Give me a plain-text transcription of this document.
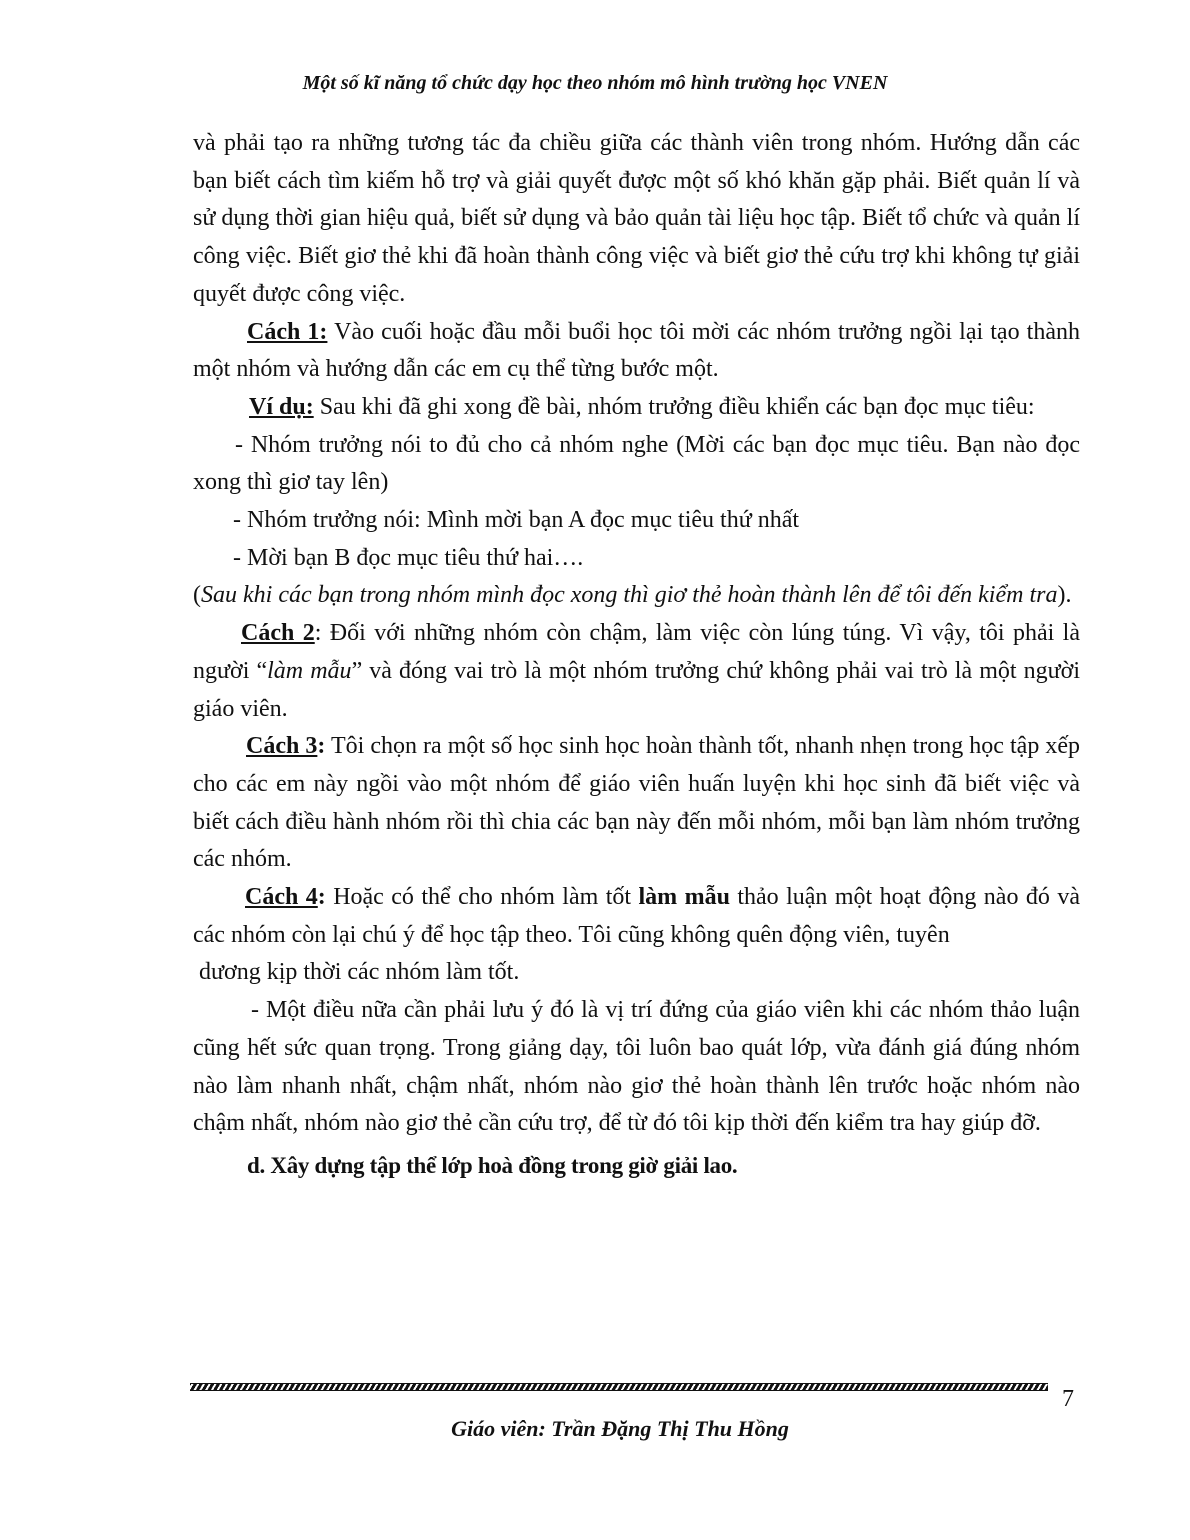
Một số kĩ năng tổ chức dạy học theo nhóm mô hình trường học VNEN

và phải tạo ra những tương tác đa chiều giữa các thành viên trong nhóm. Hướng dẫn các bạn biết cách tìm kiếm hỗ trợ và giải quyết được một số khó khăn gặp phải. Biết quản lí và sử dụng thời gian hiệu quả, biết sử dụng và bảo quản tài liệu học tập. Biết tổ chức và quản lí công việc. Biết giơ thẻ khi đã hoàn thành công việc và biết giơ thẻ cứu trợ khi không tự giải quyết được công việc.

Cách 1: Vào cuối hoặc đầu mỗi buổi học tôi mời các nhóm trưởng ngồi lại tạo thành một nhóm và hướng dẫn các em cụ thể từng bước một.

Ví dụ: Sau khi đã ghi xong đề bài, nhóm trưởng điều khiển các bạn đọc mục tiêu:

- Nhóm trưởng nói to đủ cho cả nhóm nghe (Mời các bạn đọc mục tiêu. Bạn nào đọc xong thì giơ tay lên)

- Nhóm trưởng nói: Mình mời bạn A đọc mục tiêu thứ nhất

- Mời bạn B đọc mục tiêu thứ hai….

(Sau khi các bạn trong nhóm mình đọc xong thì giơ thẻ hoàn thành lên để tôi đến kiểm tra).

Cách 2: Đối với những nhóm còn chậm, làm việc còn lúng túng. Vì vậy, tôi phải là người “làm mẫu” và đóng vai trò là một nhóm trưởng chứ không phải vai trò là một người giáo viên.

Cách 3: Tôi chọn ra một số học sinh học hoàn thành tốt, nhanh nhẹn trong học tập xếp cho các em này ngồi vào một nhóm để giáo viên huấn luyện khi học sinh đã biết việc và biết cách điều hành nhóm rồi thì chia các bạn này đến mỗi nhóm, mỗi bạn làm nhóm trưởng các nhóm.

Cách 4: Hoặc có thể cho nhóm làm tốt làm mẫu thảo luận một hoạt động nào đó và các nhóm còn lại chú ý để học tập theo. Tôi cũng không quên động viên, tuyên

dương kịp thời các nhóm làm tốt.

- Một điều nữa cần phải lưu ý đó là vị trí đứng của giáo viên khi các nhóm thảo luận cũng hết sức quan trọng. Trong giảng dạy, tôi luôn bao quát lớp, vừa đánh giá đúng nhóm nào làm nhanh nhất, chậm nhất, nhóm nào giơ thẻ hoàn thành lên trước hoặc nhóm nào chậm nhất, nhóm nào giơ thẻ cần cứu trợ, để từ đó tôi kịp thời đến kiểm tra hay giúp đỡ.

d. Xây dựng tập thể lớp hoà đồng trong giờ giải lao.

7
Giáo viên: Trần Đặng Thị Thu Hồng
